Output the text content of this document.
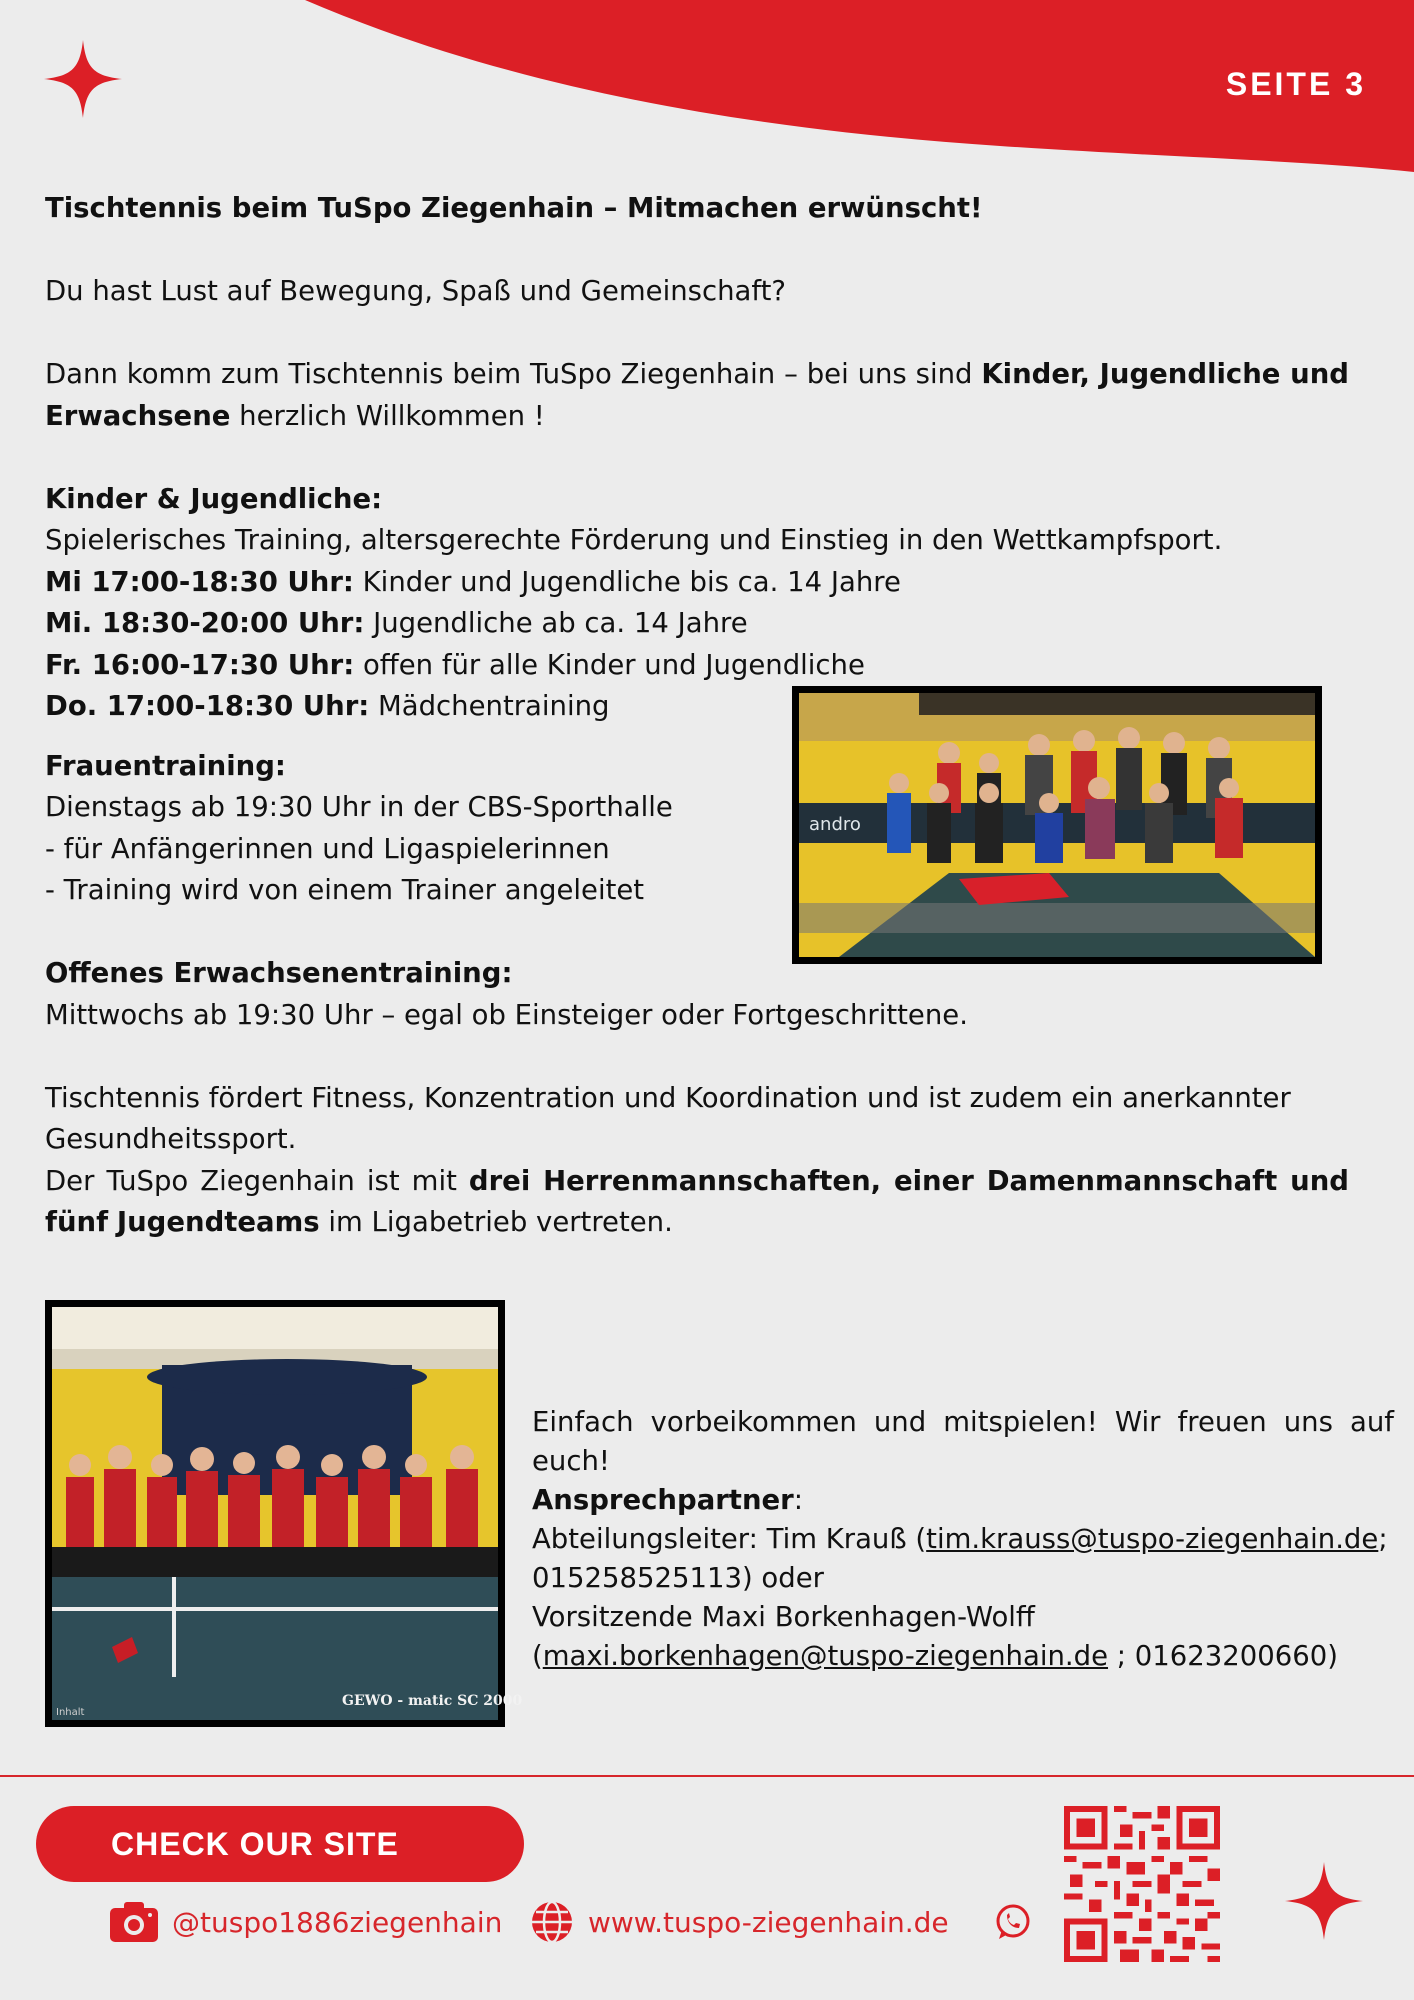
SEITE 3

Tischtennis beim TuSpo Ziegenhain – Mitmachen erwünscht!

Du hast Lust auf Bewegung, Spaß und Gemeinschaft?

Dann komm zum Tischtennis beim TuSpo Ziegenhain – bei uns sind Kinder, Jugendliche und Erwachsene herzlich Willkommen !

Kinder & Jugendliche:

Spielerisches Training, altersgerechte Förderung und Einstieg in den Wettkampfsport.

Mi 17:00-18:30 Uhr: Kinder und Jugendliche bis ca. 14 Jahre

Mi. 18:30-20:00 Uhr: Jugendliche ab ca. 14 Jahre

Fr. 16:00-17:30 Uhr: offen für alle Kinder und Jugendliche

Do. 17:00-18:30 Uhr: Mädchentraining

Frauentraining:

Dienstags ab 19:30 Uhr in der CBS-Sporthalle

- für Anfängerinnen und Ligaspielerinnen

- Training wird von einem Trainer angeleitet

Offenes Erwachsenentraining:

Mittwochs ab 19:30 Uhr – egal ob Einsteiger oder Fortgeschrittene.

Tischtennis fördert Fitness, Konzentration und Koordination und ist zudem ein anerkannter Gesundheitssport.

Der TuSpo Ziegenhain ist mit drei Herrenmannschaften, einer Damenmannschaft und fünf Jugendteams im Ligabetrieb vertreten.

andro
GEWO - matic SC 2000
Inhalt

Einfach vorbeikommen und mitspielen! Wir freuen uns auf euch!

Ansprechpartner:

Abteilungsleiter: Tim Krauß (tim.krauss@tuspo-ziegenhain.de;

015258525113) oder

Vorsitzende Maxi Borkenhagen-Wolff

(maxi.borkenhagen@tuspo-ziegenhain.de ; 01623200660)

CHECK OUR SITE
@tuspo1886ziegenhain	www.tuspo-ziegenhain.de
